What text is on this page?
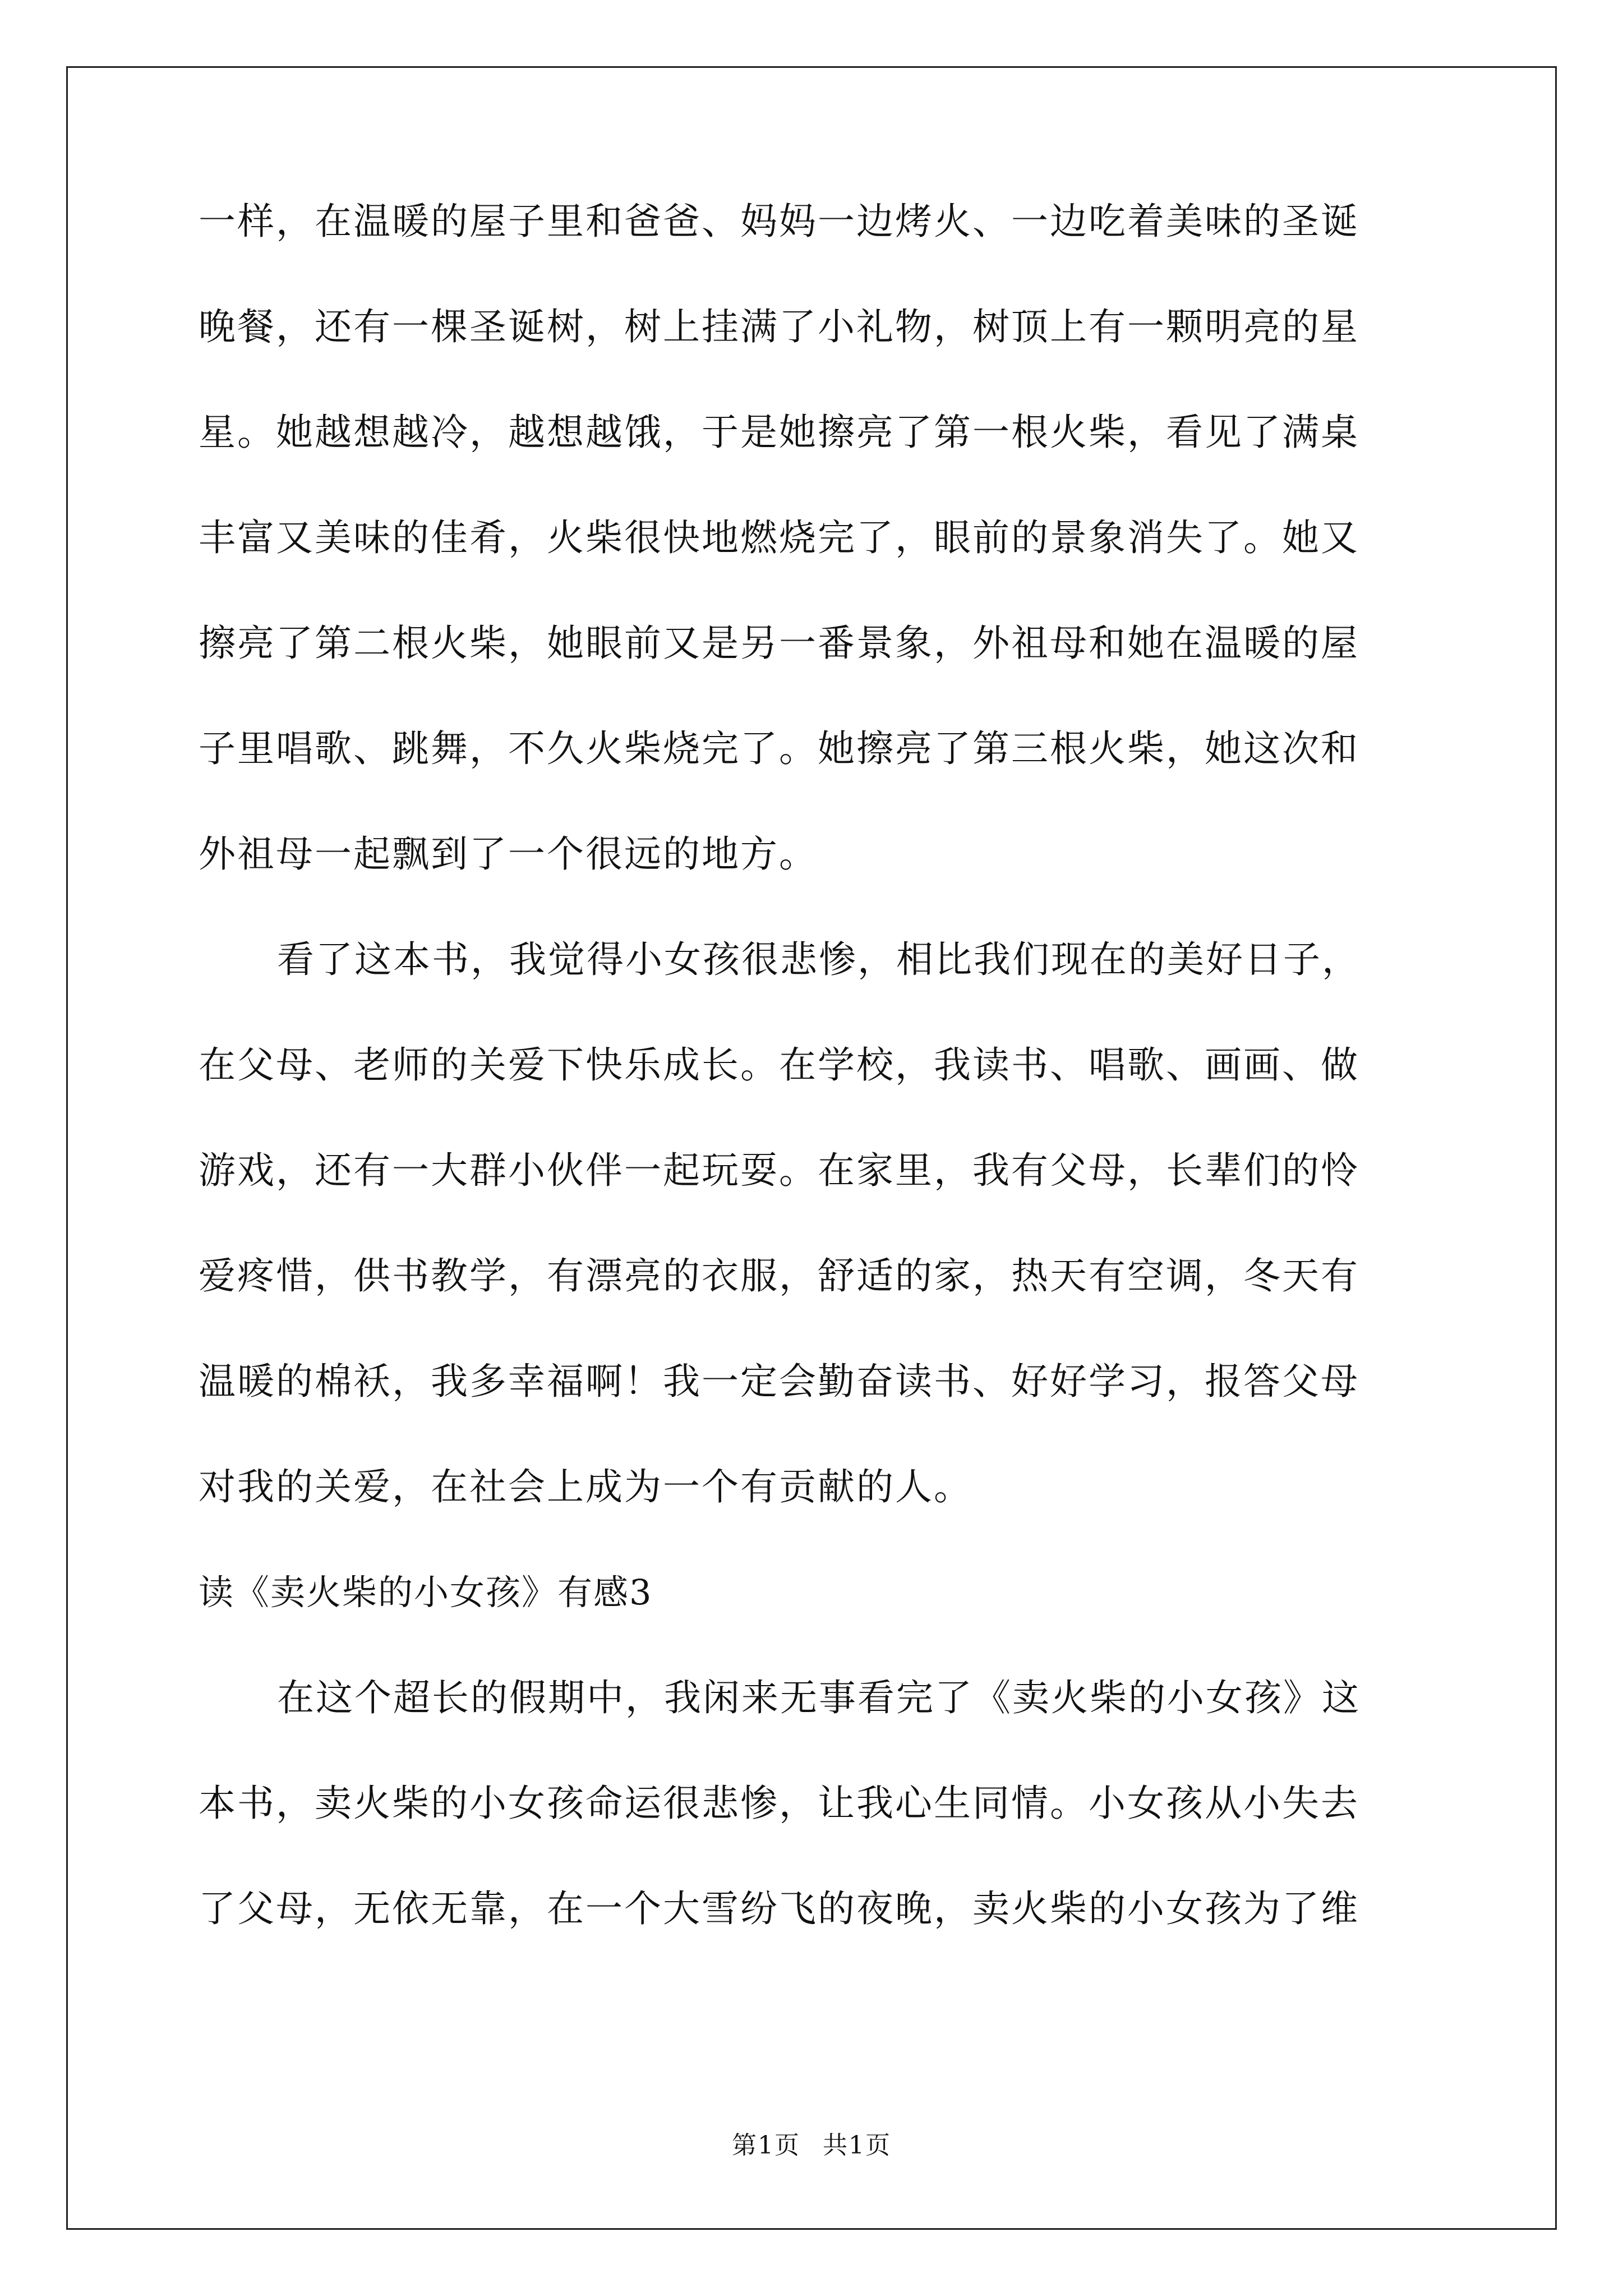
一样，在温暖的屋子里和爸爸、妈妈一边烤火、一边吃着美味的圣诞
晚餐，还有一棵圣诞树，树上挂满了小礼物，树顶上有一颗明亮的星
星。她越想越冷，越想越饿，于是她擦亮了第一根火柴，看见了满桌
丰富又美味的佳肴，火柴很快地燃烧完了，眼前的景象消失了。她又
擦亮了第二根火柴，她眼前又是另一番景象，外祖母和她在温暖的屋
子里唱歌、跳舞，不久火柴烧完了。她擦亮了第三根火柴，她这次和
外祖母一起飘到了一个很远的地方。
看了这本书，我觉得小女孩很悲惨，相比我们现在的美好日子，
在父母、老师的关爱下快乐成长。在学校，我读书、唱歌、画画、做
游戏，还有一大群小伙伴一起玩耍。在家里，我有父母，长辈们的怜
爱疼惜，供书教学，有漂亮的衣服，舒适的家，热天有空调，冬天有
温暖的棉袄，我多幸福啊！我一定会勤奋读书、好好学习，报答父母
对我的关爱，在社会上成为一个有贡献的人。
读《卖火柴的小女孩》有感3
在这个超长的假期中，我闲来无事看完了《卖火柴的小女孩》这
本书，卖火柴的小女孩命运很悲惨，让我心生同情。小女孩从小失去
了父母，无依无靠，在一个大雪纷飞的夜晚，卖火柴的小女孩为了维
第1页 共1页
